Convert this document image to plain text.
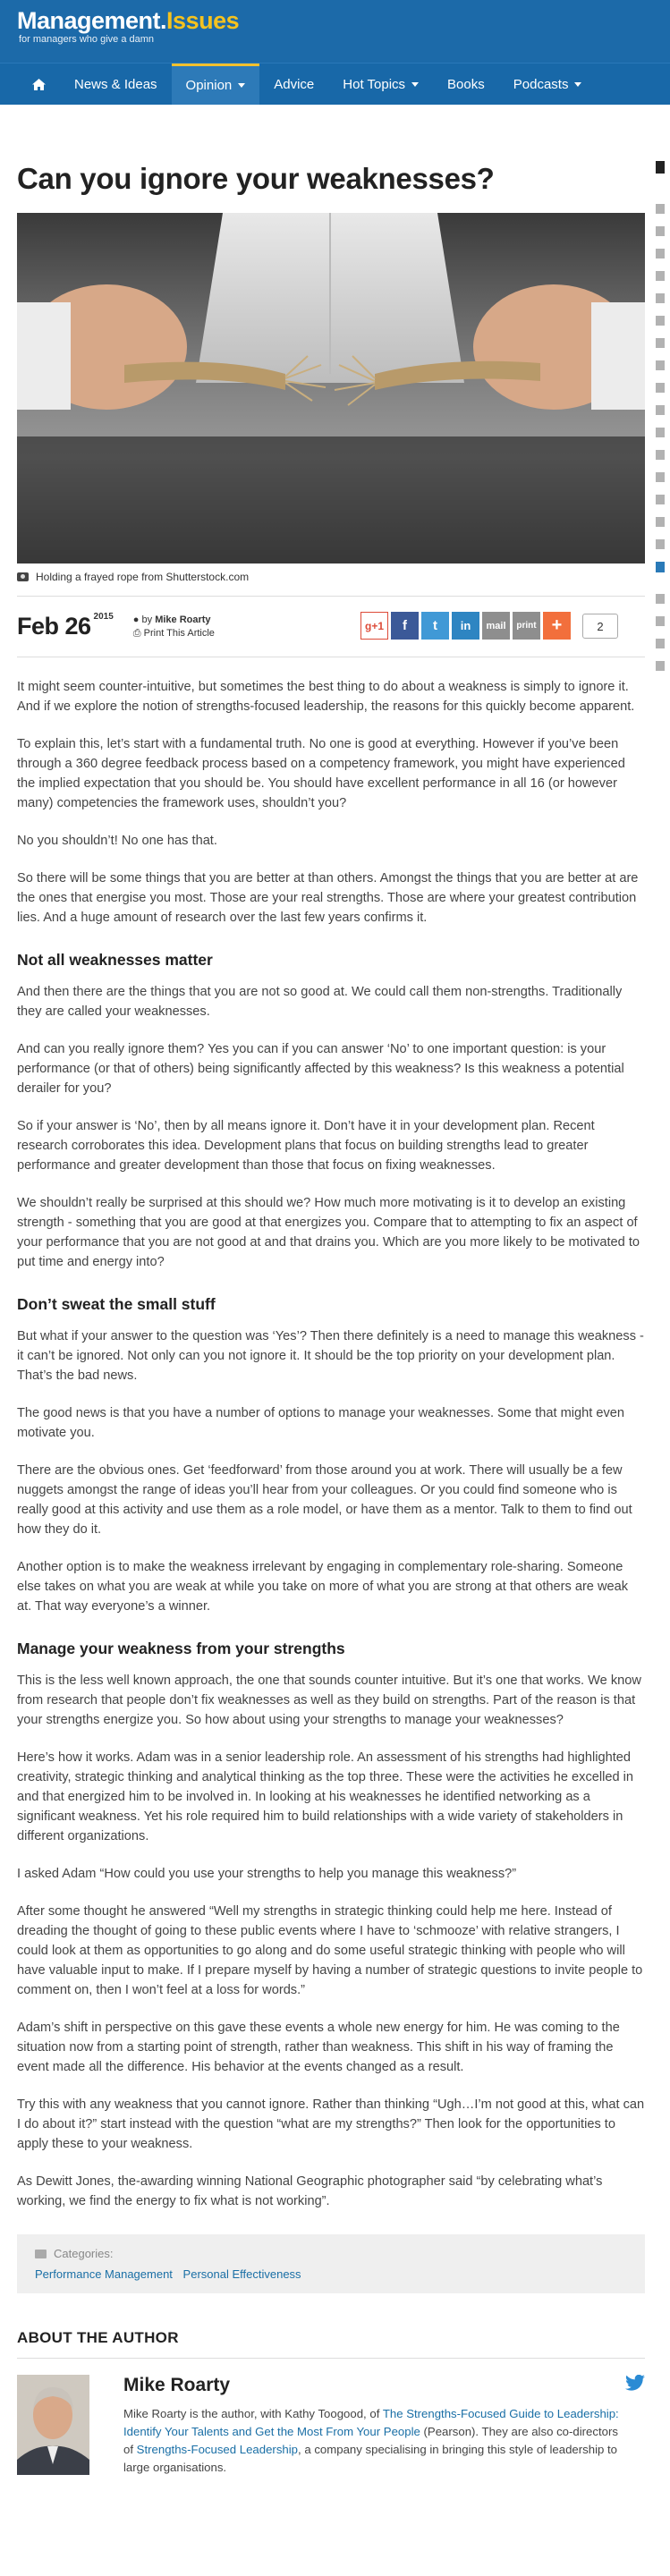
Management.Issues
for managers who give a damn
News & Ideas Opinion	Advice Hot Topics	Books Podcasts
Can you ignore your weaknesses?
Holding a frayed rope from Shutterstock.com
Feb 26 2015 ● by Mike Roarty
⎙ Print This Article
g+1 f t in mail print +	2

It might seem counter-intuitive, but sometimes the best thing to do about a weakness is simply to ignore it. And if we explore the notion of strengths-focused leadership, the reasons for this quickly become apparent.

To explain this, let’s start with a fundamental truth. No one is good at everything. However if you’ve been through a 360 degree feedback process based on a competency framework, you might have experienced the implied expectation that you should be. You should have excellent performance in all 16 (or however many) competencies the framework uses, shouldn’t you?

No you shouldn’t! No one has that.

So there will be some things that you are better at than others. Amongst the things that you are better at are the ones that energise you most. Those are your real strengths. Those are where your greatest contribution lies. And a huge amount of research over the last few years confirms it.

Not all weaknesses matter

And then there are the things that you are not so good at. We could call them non-strengths. Traditionally they are called your weaknesses.

And can you really ignore them? Yes you can if you can answer ‘No’ to one important question: is your performance (or that of others) being significantly affected by this weakness? Is this weakness a potential derailer for you?

So if your answer is ‘No’, then by all means ignore it. Don’t have it in your development plan. Recent research corroborates this idea. Development plans that focus on building strengths lead to greater performance and greater development than those that focus on fixing weaknesses.

We shouldn’t really be surprised at this should we? How much more motivating is it to develop an existing strength - something that you are good at that energizes you. Compare that to attempting to fix an aspect of your performance that you are not good at and that drains you. Which are you more likely to be motivated to put time and energy into?

Don’t sweat the small stuff

But what if your answer to the question was ‘Yes’? Then there definitely is a need to manage this weakness - it can’t be ignored. Not only can you not ignore it. It should be the top priority on your development plan. That’s the bad news.

The good news is that you have a number of options to manage your weaknesses. Some that might even motivate you.

There are the obvious ones. Get ‘feedforward’ from those around you at work. There will usually be a few nuggets amongst the range of ideas you’ll hear from your colleagues. Or you could find someone who is really good at this activity and use them as a role model, or have them as a mentor. Talk to them to find out how they do it.

Another option is to make the weakness irrelevant by engaging in complementary role-sharing. Someone else takes on what you are weak at while you take on more of what you are strong at that others are weak at. That way everyone’s a winner.

Manage your weakness from your strengths

This is the less well known approach, the one that sounds counter intuitive. But it’s one that works. We know from research that people don’t fix weaknesses as well as they build on strengths. Part of the reason is that your strengths energize you. So how about using your strengths to manage your weaknesses?

Here’s how it works. Adam was in a senior leadership role. An assessment of his strengths had highlighted creativity, strategic thinking and analytical thinking as the top three. These were the activities he excelled in and that energized him to be involved in. In looking at his weaknesses he identified networking as a significant weakness. Yet his role required him to build relationships with a wide variety of stakeholders in different organizations.

I asked Adam “How could you use your strengths to help you manage this weakness?”

After some thought he answered “Well my strengths in strategic thinking could help me here. Instead of dreading the thought of going to these public events where I have to ‘schmooze’ with relative strangers, I could look at them as opportunities to go along and do some useful strategic thinking with people who will have valuable input to make. If I prepare myself by having a number of strategic questions to invite people to comment on, then I won’t feel at a loss for words.”

Adam’s shift in perspective on this gave these events a whole new energy for him. He was coming to the situation now from a starting point of strength, rather than weakness. This shift in his way of framing the event made all the difference. His behavior at the events changed as a result.

Try this with any weakness that you cannot ignore. Rather than thinking “Ugh…I’m not good at this, what can I do about it?” start instead with the question “what are my strengths?” Then look for the opportunities to apply these to your weakness.

As Dewitt Jones, the-awarding winning National Geographic photographer said “by celebrating what’s working, we find the energy to fix what is not working”.

Categories:
Performance Management Personal Effectiveness
ABOUT THE AUTHOR
Mike Roarty
Mike Roarty is the author, with Kathy Toogood, of The Strengths-Focused Guide to Leadership: Identify Your Talents and Get the Most From Your People (Pearson). They are also co-directors of Strengths-Focused Leadership, a company specialising in bringing this style of leadership to large organisations.
